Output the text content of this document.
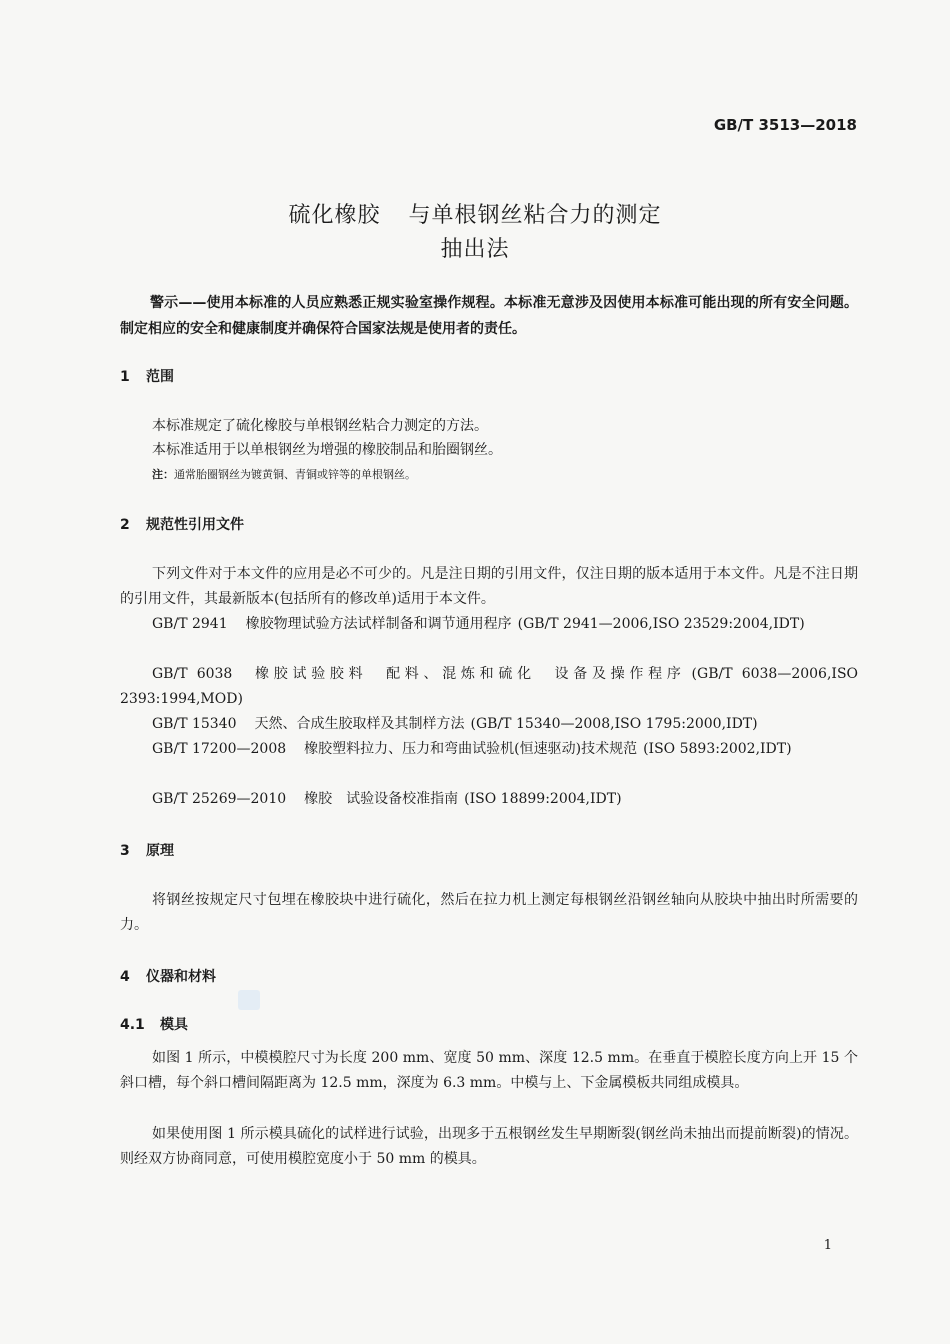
GB/T 3513—2018
硫化橡胶 与单根钢丝粘合力的测定
抽出法
警示——使用本标准的人员应熟悉正规实验室操作规程。本标准无意涉及因使用本标准可能出现的所有安全问题。制定相应的安全和健康制度并确保符合国家法规是使用者的责任。
1 范围
本标准规定了硫化橡胶与单根钢丝粘合力测定的方法。
本标准适用于以单根钢丝为增强的橡胶制品和胎圈钢丝。
注：通常胎圈钢丝为镀黄铜、青铜或锌等的单根钢丝。
2 规范性引用文件
下列文件对于本文件的应用是必不可少的。凡是注日期的引用文件，仅注日期的版本适用于本文件。凡是不注日期的引用文件，其最新版本(包括所有的修改单)适用于本文件。
GB/T 2941 橡胶物理试验方法试样制备和调节通用程序 (GB/T 2941—2006,ISO 23529:2004,IDT)
GB/T 6038 橡胶试验胶料　配料、混炼和硫化　设备及操作程序 (GB/T 6038—2006,ISO 2393:1994,MOD)
GB/T 15340 天然、合成生胶取样及其制样方法 (GB/T 15340—2008,ISO 1795:2000,IDT)
GB/T 17200—2008 橡胶塑料拉力、压力和弯曲试验机(恒速驱动)技术规范 (ISO 5893:2002,IDT)
GB/T 25269—2010 橡胶　试验设备校准指南 (ISO 18899:2004,IDT)
3 原理
将钢丝按规定尺寸包埋在橡胶块中进行硫化，然后在拉力机上测定每根钢丝沿钢丝轴向从胶块中抽出时所需要的力。
4 仪器和材料
4.1 模具
如图 1 所示，中模模腔尺寸为长度 200 mm、宽度 50 mm、深度 12.5 mm。在垂直于模腔长度方向上开 15 个斜口槽，每个斜口槽间隔距离为 12.5 mm，深度为 6.3 mm。中模与上、下金属模板共同组成模具。
如果使用图 1 所示模具硫化的试样进行试验，出现多于五根钢丝发生早期断裂(钢丝尚未抽出而提前断裂)的情况。则经双方协商同意，可使用模腔宽度小于 50 mm 的模具。
1
